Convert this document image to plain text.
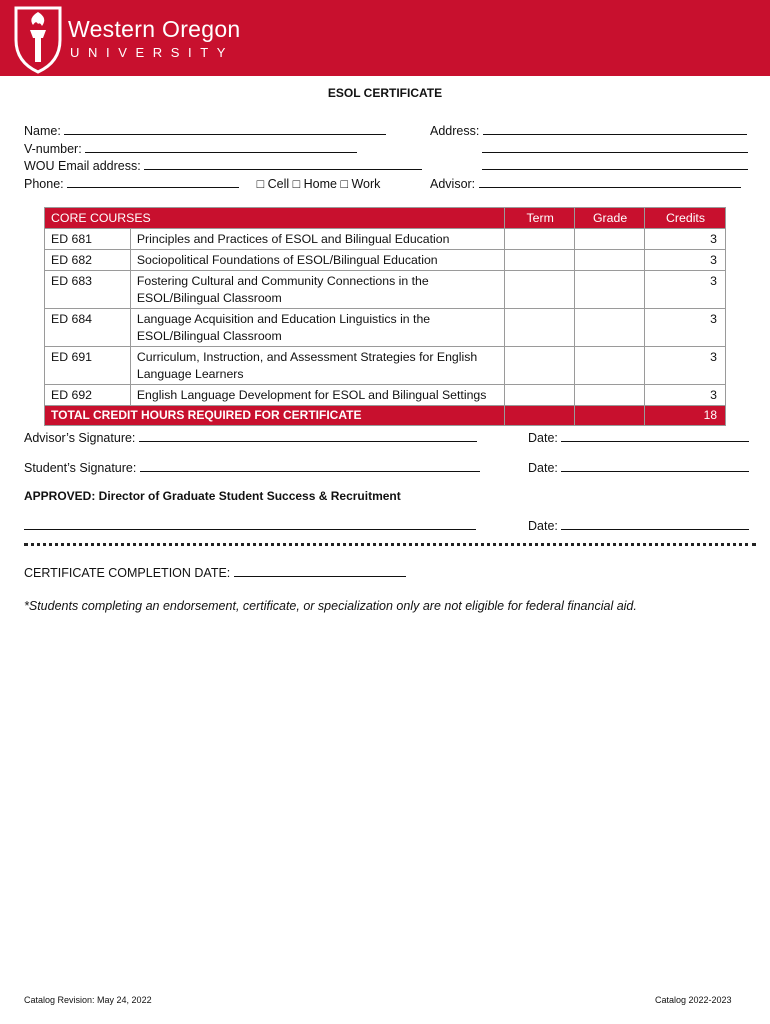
Western Oregon
UNIVERSITY
ESOL CERTIFICATE
Name:
V-number:
WOU Email address:
Phone:	□ Cell □ Home □ Work
Address:
Advisor:
CORE COURSES		Term	Grade	Credits
ED 681	Principles and Practices of ESOL and Bilingual Education			3
ED 682	Sociopolitical Foundations of ESOL/Bilingual Education			3
ED 683	Fostering Cultural and Community Connections in the ESOL/Bilingual Classroom			3
ED 684	Language Acquisition and Education Linguistics in the ESOL/Bilingual Classroom			3
ED 691	Curriculum, Instruction, and Assessment Strategies for English Language Learners			3
ED 692	English Language Development for ESOL and Bilingual Settings			3
TOTAL CREDIT HOURS REQUIRED FOR CERTIFICATE				18
Advisor’s Signature:	Date:
Student’s Signature:	Date:
APPROVED: Director of Graduate Student Success & Recruitment
Date:
CERTIFICATE COMPLETION DATE:
*Students completing an endorsement, certificate, or specialization only are not eligible for federal financial aid.
Catalog Revision: May 24, 2022	Catalog 2022-2023
